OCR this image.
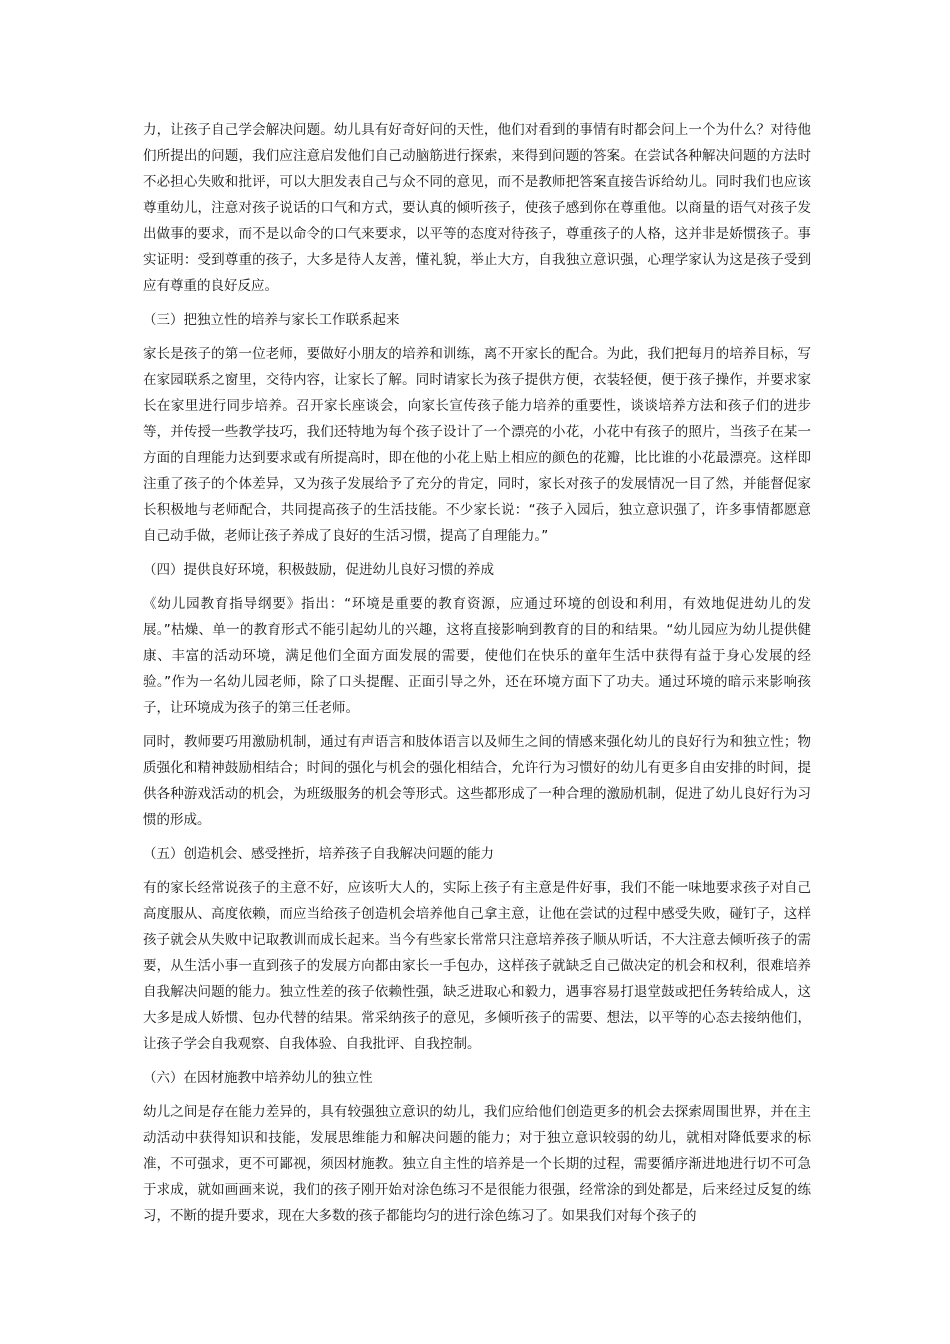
力，让孩子自己学会解决问题。幼儿具有好奇好问的天性，他们对看到的事情有时都会问上一个为什么？对待他们所提出的问题，我们应注意启发他们自己动脑筋进行探索，来得到问题的答案。在尝试各种解决问题的方法时不必担心失败和批评，可以大胆发表自己与众不同的意见，而不是教师把答案直接告诉给幼儿。同时我们也应该尊重幼儿，注意对孩子说话的口气和方式，要认真的倾听孩子，使孩子感到你在尊重他。以商量的语气对孩子发出做事的要求，而不是以命令的口气来要求，以平等的态度对待孩子，尊重孩子的人格，这并非是娇惯孩子。事实证明：受到尊重的孩子，大多是待人友善，懂礼貌，举止大方，自我独立意识强，心理学家认为这是孩子受到应有尊重的良好反应。

（三）把独立性的培养与家长工作联系起来

家长是孩子的第一位老师，要做好小朋友的培养和训练，离不开家长的配合。为此，我们把每月的培养目标，写在家园联系之窗里，交待内容，让家长了解。同时请家长为孩子提供方便，衣装轻便，便于孩子操作，并要求家长在家里进行同步培养。召开家长座谈会，向家长宣传孩子能力培养的重要性，谈谈培养方法和孩子们的进步等，并传授一些教学技巧，我们还特地为每个孩子设计了一个漂亮的小花，小花中有孩子的照片，当孩子在某一方面的自理能力达到要求或有所提高时，即在他的小花上贴上相应的颜色的花瓣，比比谁的小花最漂亮。这样即注重了孩子的个体差异，又为孩子发展给予了充分的肯定，同时，家长对孩子的发展情况一目了然，并能督促家长积极地与老师配合，共同提高孩子的生活技能。不少家长说：“孩子入园后，独立意识强了，许多事情都愿意自己动手做，老师让孩子养成了良好的生活习惯，提高了自理能力。”

（四）提供良好环境，积极鼓励，促进幼儿良好习惯的养成

《幼儿园教育指导纲要》指出：“环境是重要的教育资源，应通过环境的创设和利用，有效地促进幼儿的发展。”枯燥、单一的教育形式不能引起幼儿的兴趣，这将直接影响到教育的目的和结果。“幼儿园应为幼儿提供健康、丰富的活动环境，满足他们全面方面发展的需要，使他们在快乐的童年生活中获得有益于身心发展的经验。”作为一名幼儿园老师，除了口头提醒、正面引导之外，还在环境方面下了功夫。通过环境的暗示来影响孩子，让环境成为孩子的第三任老师。

同时，教师要巧用激励机制，通过有声语言和肢体语言以及师生之间的情感来强化幼儿的良好行为和独立性；物质强化和精神鼓励相结合；时间的强化与机会的强化相结合，允许行为习惯好的幼儿有更多自由安排的时间，提供各种游戏活动的机会，为班级服务的机会等形式。这些都形成了一种合理的激励机制，促进了幼儿良好行为习惯的形成。

（五）创造机会、感受挫折，培养孩子自我解决问题的能力

有的家长经常说孩子的主意不好，应该听大人的，实际上孩子有主意是件好事，我们不能一味地要求孩子对自己高度服从、高度依赖，而应当给孩子创造机会培养他自己拿主意，让他在尝试的过程中感受失败，碰钉子，这样孩子就会从失败中记取教训而成长起来。当今有些家长常常只注意培养孩子顺从听话，不大注意去倾听孩子的需要，从生活小事一直到孩子的发展方向都由家长一手包办，这样孩子就缺乏自己做决定的机会和权利，很难培养自我解决问题的能力。独立性差的孩子依赖性强，缺乏进取心和毅力，遇事容易打退堂鼓或把任务转给成人，这大多是成人娇惯、包办代替的结果。常采纳孩子的意见，多倾听孩子的需要、想法，以平等的心态去接纳他们，让孩子学会自我观察、自我体验、自我批评、自我控制。

（六）在因材施教中培养幼儿的独立性

幼儿之间是存在能力差异的，具有较强独立意识的幼儿，我们应给他们创造更多的机会去探索周围世界，并在主动活动中获得知识和技能，发展思维能力和解决问题的能力；对于独立意识较弱的幼儿，就相对降低要求的标准，不可强求，更不可鄙视，须因材施教。独立自主性的培养是一个长期的过程，需要循序渐进地进行切不可急于求成，就如画画来说，我们的孩子刚开始对涂色练习不是很能力很强，经常涂的到处都是，后来经过反复的练习，不断的提升要求，现在大多数的孩子都能均匀的进行涂色练习了。如果我们对每个孩子的
